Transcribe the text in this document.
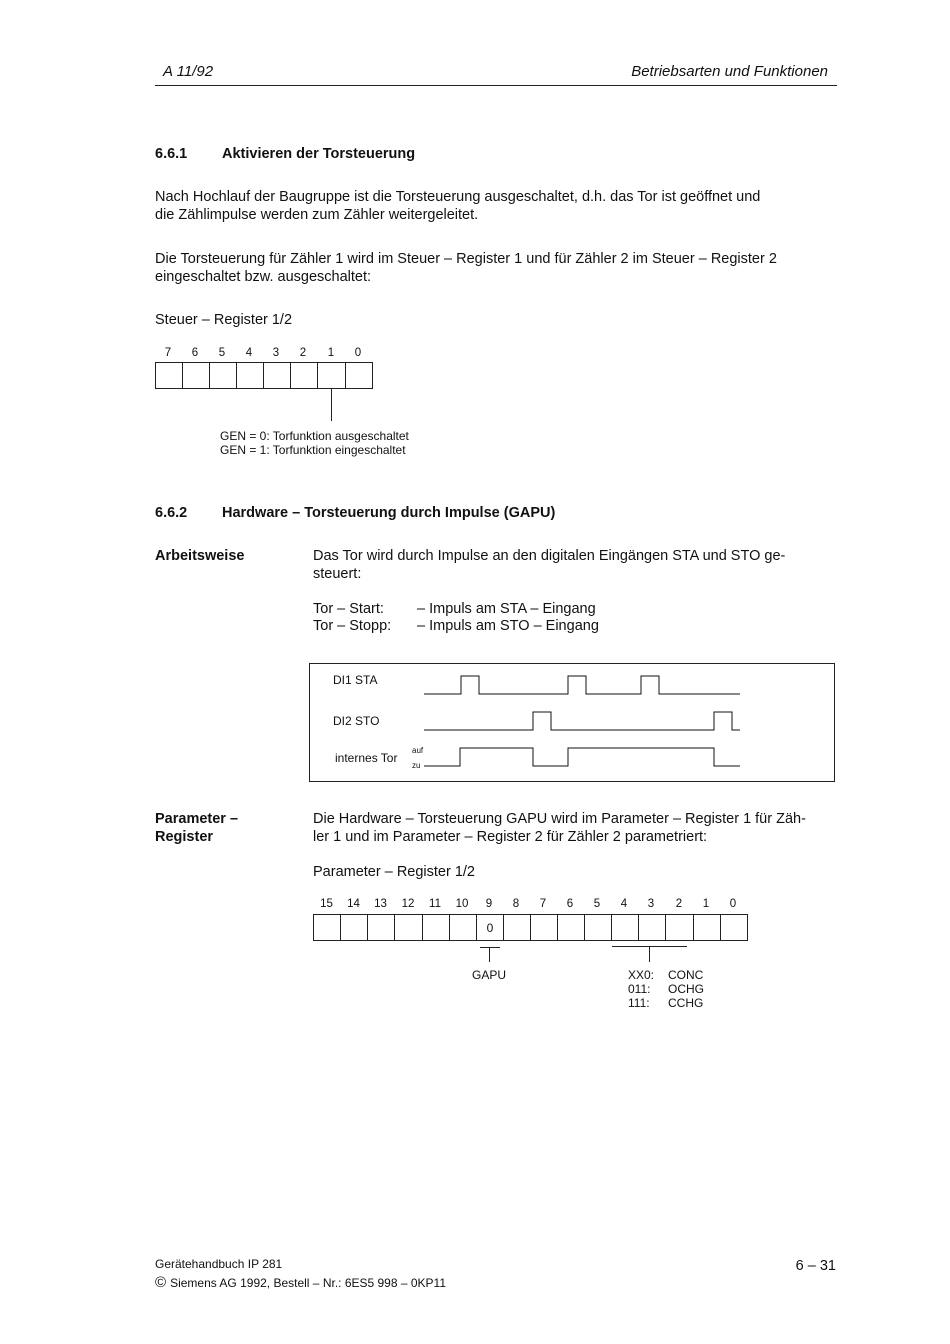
A 11/92	Betriebsarten und Funktionen
6.6.1 Aktivieren der Torsteuerung
Nach Hochlauf der Baugruppe ist die Torsteuerung ausgeschaltet, d.h. das Tor ist geöffnet und
die Zählimpulse werden zum Zähler weitergeleitet.
Die Torsteuerung für Zähler 1 wird im Steuer – Register 1 und für Zähler 2 im Steuer – Register 2
eingeschaltet bzw. ausgeschaltet:
Steuer – Register 1/2
7 6 5 4 3 2 1 0
GEN = 0: Torfunktion ausgeschaltet
GEN = 1: Torfunktion eingeschaltet
6.6.2 Hardware – Torsteuerung durch Impulse (GAPU)
Arbeitsweise	Das Tor wird durch Impulse an den digitalen Eingängen STA und STO ge-
steuert:
Tor – Start: – Impuls am STA – Eingang
Tor – Stopp: – Impuls am STO – Eingang
DI1 STA
DI2 STO
internes Tor
auf
zu
Parameter –
Register
Die Hardware – Torsteuerung GAPU wird im Parameter – Register 1 für Zäh-
ler 1 und im Parameter – Register 2 für Zähler 2 parametriert:
Parameter – Register 1/2
15 14 13 12 11 10 9 8 7 6 5 4 3 2 1 0
0
GAPU	XX0: CONC
011: OCHG
111: CCHG
Gerätehandbuch IP 281
© Siemens AG 1992, Bestell – Nr.: 6ES5 998 – 0KP11
6 – 31
